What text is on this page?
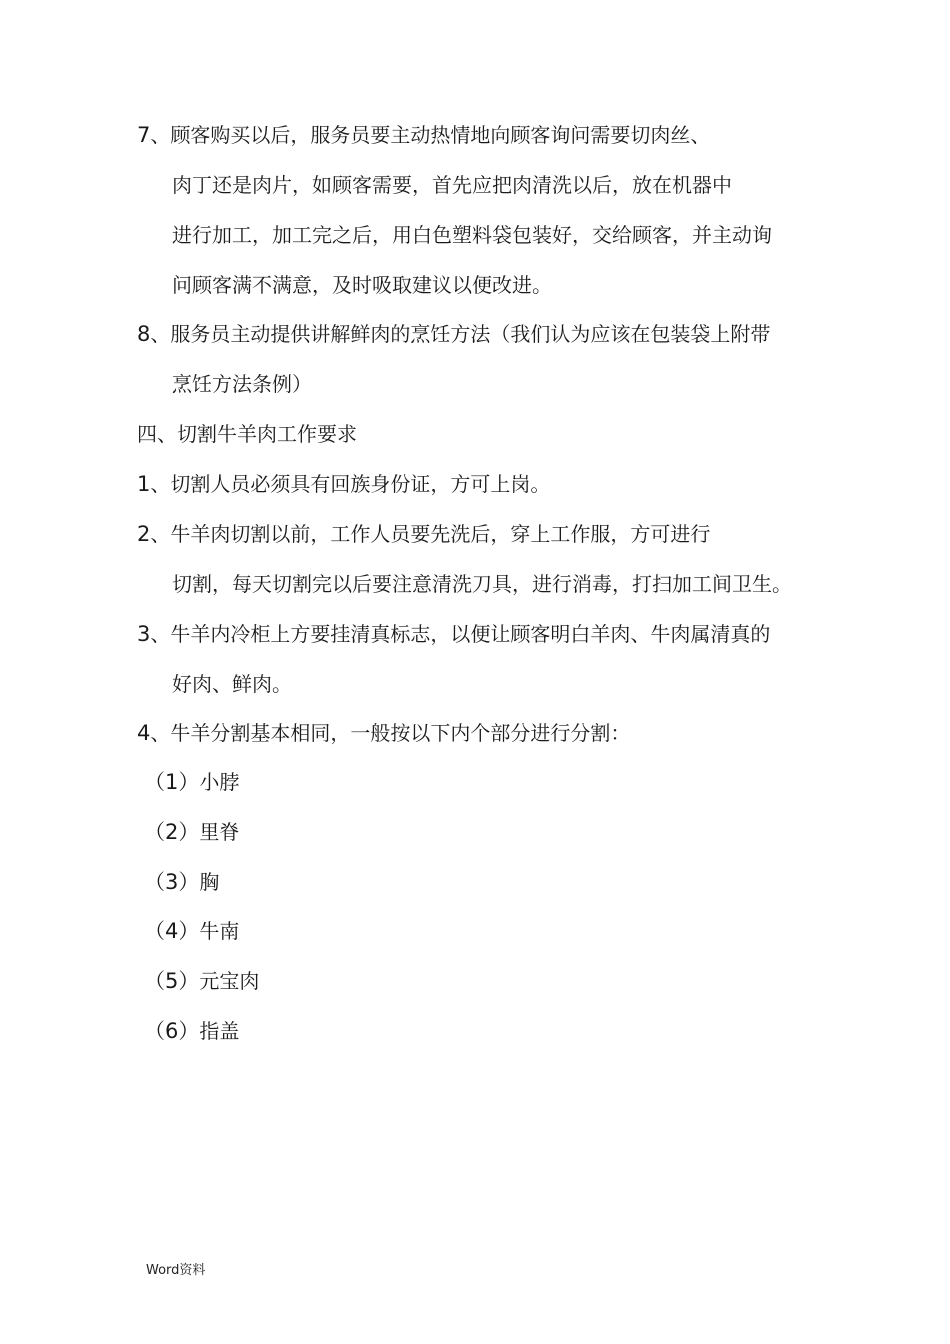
7、顾客购买以后，服务员要主动热情地向顾客询问需要切肉丝、
肉丁还是肉片，如顾客需要，首先应把肉清洗以后，放在机器中
进行加工，加工完之后，用白色塑料袋包装好，交给顾客，并主动询
问顾客满不满意，及时吸取建议以便改进。
8、服务员主动提供讲解鲜肉的烹饪方法（我们认为应该在包装袋上附带
烹饪方法条例）
四、切割牛羊肉工作要求
1、切割人员必须具有回族身份证，方可上岗。
2、牛羊肉切割以前，工作人员要先洗后，穿上工作服，方可进行
切割，每天切割完以后要注意清洗刀具，进行消毒，打扫加工间卫生。
3、牛羊内冷柜上方要挂清真标志，以便让顾客明白羊肉、牛肉属清真的
好肉、鲜肉。
4、牛羊分割基本相同，一般按以下内个部分进行分割：
（1）小脖
（2）里脊
（3）胸
（4）牛南
（5）元宝肉
（6）指盖
Word资料
